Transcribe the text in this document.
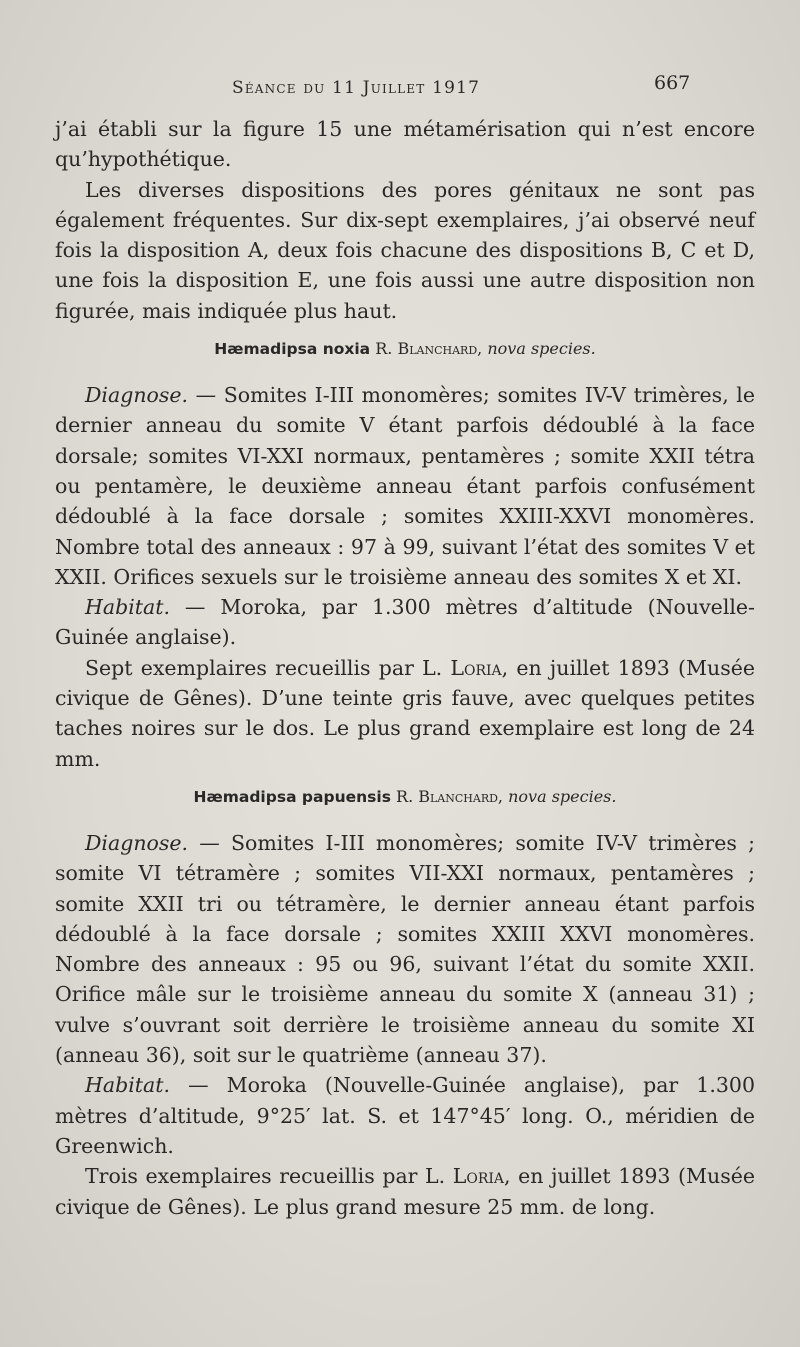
Séance du 11 Juillet 1917	667

j’ai établi sur la figure 15 une métamérisation qui n’est encore qu’hypothétique.

Les diverses dispositions des pores génitaux ne sont pas également fréquentes. Sur dix-sept exemplaires, j’ai observé neuf fois la disposition A, deux fois chacune des dispositions B, C et D, une fois la disposition E, une fois aussi une autre disposition non figurée, mais indiquée plus haut.

Hæmadipsa noxia R. Blanchard, nova species.

Diagnose. — Somites I-III monomères; somites IV-V trimères, le dernier anneau du somite V étant parfois dédoublé à la face dorsale; somites VI-XXI normaux, pentamères ; somite XXII tétra ou pentamère, le deuxième anneau étant parfois confusément dédoublé à la face dorsale ; somites XXIII-XXVI monomères. Nombre total des anneaux : 97 à 99, suivant l’état des somites V et XXII. Orifices sexuels sur le troisième anneau des somites X et XI.

Habitat. — Moroka, par 1.300 mètres d’altitude (Nouvelle-Guinée anglaise).

Sept exemplaires recueillis par L. Loria, en juillet 1893 (Musée civique de Gênes). D’une teinte gris fauve, avec quelques petites taches noires sur le dos. Le plus grand exemplaire est long de 24 mm.

Hæmadipsa papuensis R. Blanchard, nova species.

Diagnose. — Somites I-III monomères; somite IV-V trimères ; somite VI tétramère ; somites VII-XXI normaux, pentamères ; somite XXII tri ou tétramère, le dernier anneau étant parfois dédoublé à la face dorsale ; somites XXIII XXVI monomères. Nombre des anneaux : 95 ou 96, suivant l’état du somite XXII. Orifice mâle sur le troisième anneau du somite X (anneau 31) ; vulve s’ouvrant soit derrière le troisième anneau du somite XI (anneau 36), soit sur le quatrième (anneau 37).

Habitat. — Moroka (Nouvelle-Guinée anglaise), par 1.300 mètres d’altitude, 9°25′ lat. S. et 147°45′ long. O., méridien de Greenwich.

Trois exemplaires recueillis par L. Loria, en juillet 1893 (Musée civique de Gênes). Le plus grand mesure 25 mm. de long.
